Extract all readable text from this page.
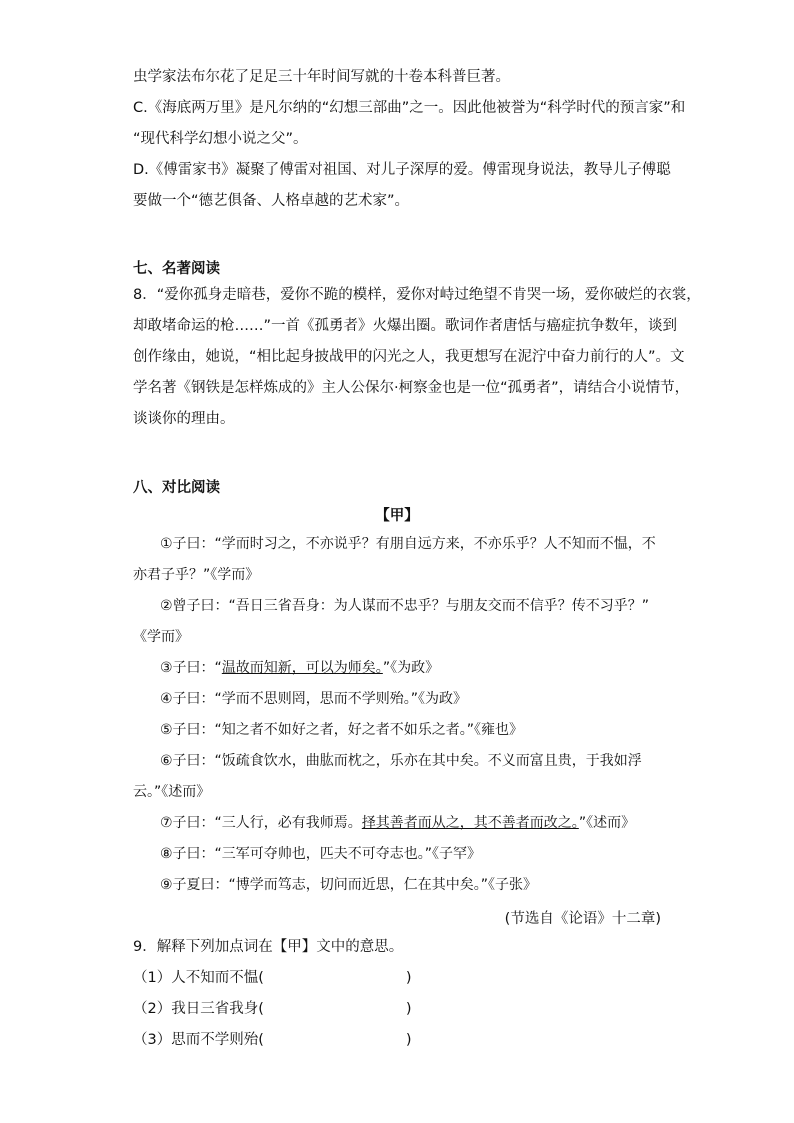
虫学家法布尔花了足足三十年时间写就的十卷本科普巨著。
C.《海底两万里》是凡尔纳的“幻想三部曲”之一。因此他被誉为“科学时代的预言家”和
“现代科学幻想小说之父”。
D.《傅雷家书》凝聚了傅雷对祖国、对儿子深厚的爱。傅雷现身说法，教导儿子傅聪
要做一个“德艺俱备、人格卓越的艺术家”。
七、名著阅读
8．“爱你孤身走暗巷，爱你不跪的模样，爱你对峙过绝望不肯哭一场，爱你破烂的衣裳，
却敢堵命运的枪……”一首《孤勇者》火爆出圈。歌词作者唐恬与癌症抗争数年，谈到
创作缘由，她说，“相比起身披战甲的闪光之人，我更想写在泥泞中奋力前行的人”。文
学名著《钢铁是怎样炼成的》主人公保尔·柯察金也是一位“孤勇者”，请结合小说情节，
谈谈你的理由。
八、对比阅读
【甲】
①子曰：“学而时习之，不亦说乎？有朋自远方来，不亦乐乎？人不知而不愠，不
亦君子乎？”《学而》
②曾子曰：“吾日三省吾身：为人谋而不忠乎？与朋友交而不信乎？传不习乎？”
《学而》
③子曰：“温故而知新，可以为师矣。”《为政》
④子曰：“学而不思则罔，思而不学则殆。”《为政》
⑤子曰：“知之者不如好之者，好之者不如乐之者。”《雍也》
⑥子曰：“饭疏食饮水，曲肱而枕之，乐亦在其中矣。不义而富且贵，于我如浮
云。”《述而》
⑦子曰：“三人行，必有我师焉。择其善者而从之，其不善者而改之。”《述而》
⑧子曰：“三军可夺帅也，匹夫不可夺志也。”《子罕》
⑨子夏曰：“博学而笃志，切问而近思，仁在其中矣。”《子张》
(节选自《论语》十二章)
9．解释下列加点词在【甲】文中的意思。
（1）人不知而不愠(	)
（2）我日三省我身(	)
（3）思而不学则殆(	)
